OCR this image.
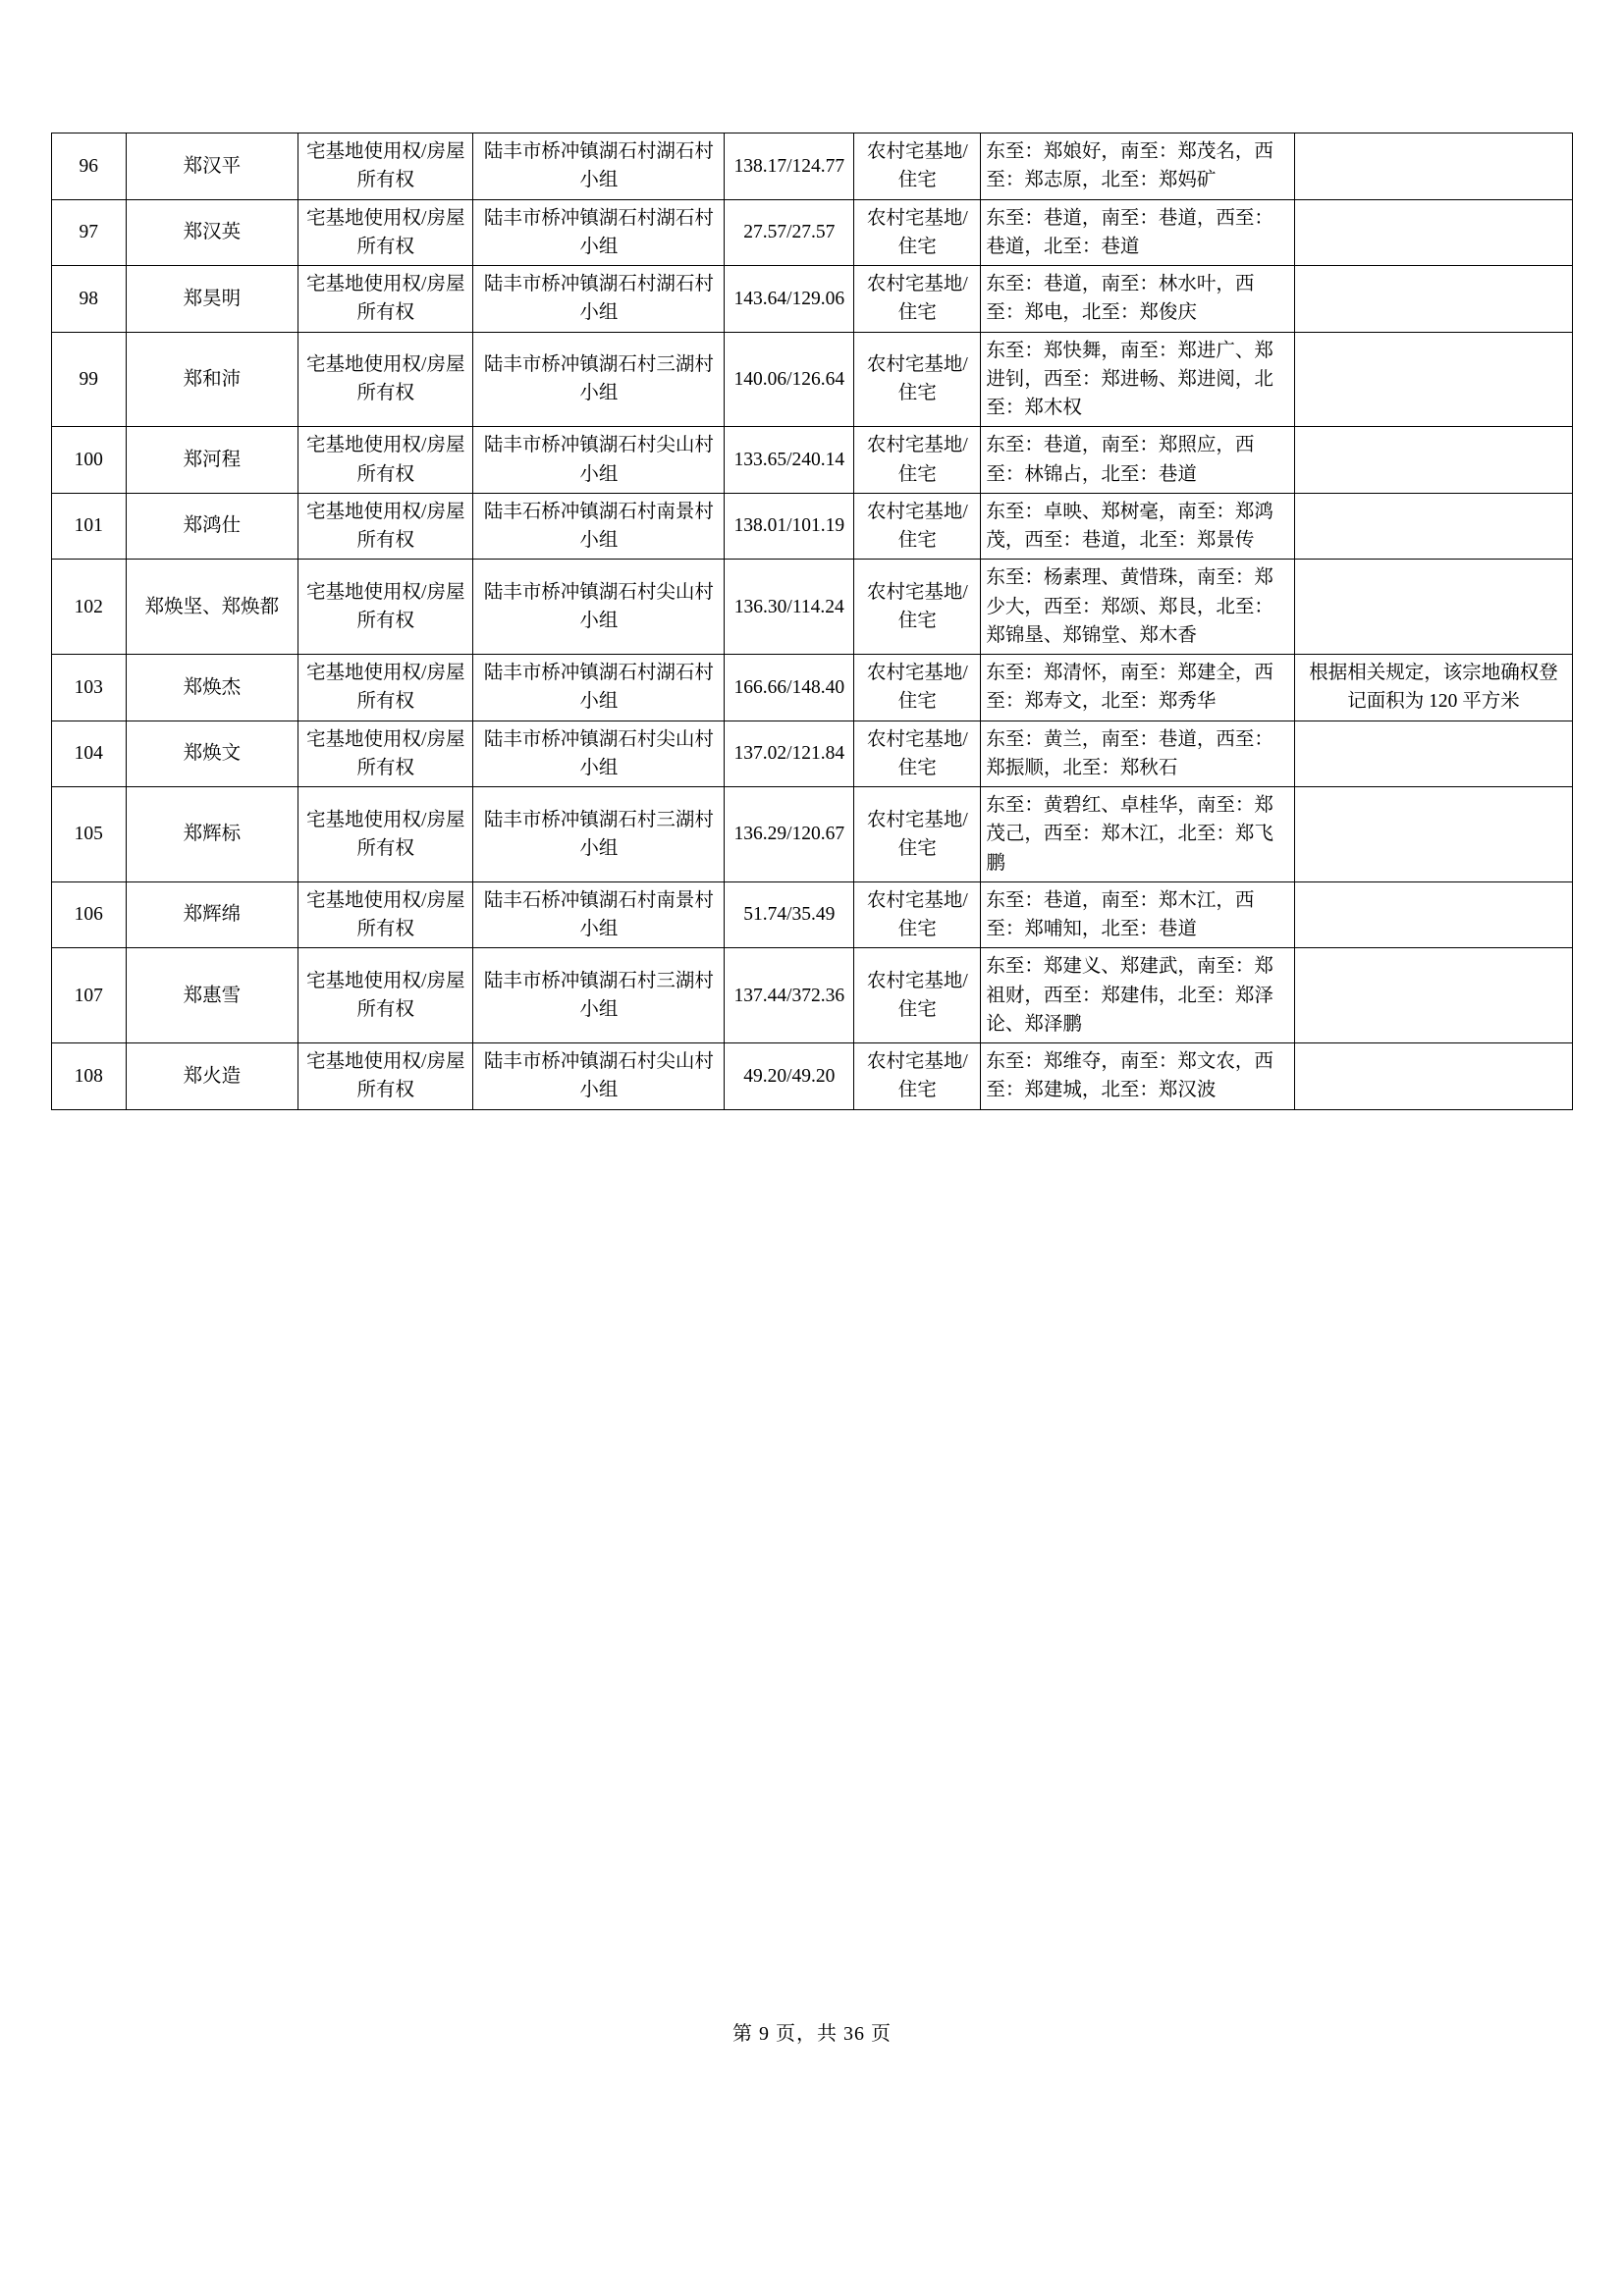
96	郑汉平	宅基地使用权/房屋所有权	陆丰市桥冲镇湖石村湖石村小组	138.17/124.77	农村宅基地/住宅	东至：郑娘好，南至：郑茂名，西至：郑志原，北至：郑妈矿	
97	郑汉英	宅基地使用权/房屋所有权	陆丰市桥冲镇湖石村湖石村小组	27.57/27.57	农村宅基地/住宅	东至：巷道，南至：巷道，西至：巷道，北至：巷道	
98	郑昊明	宅基地使用权/房屋所有权	陆丰市桥冲镇湖石村湖石村小组	143.64/129.06	农村宅基地/住宅	东至：巷道，南至：林水叶，西至：郑电，北至：郑俊庆	
99	郑和沛	宅基地使用权/房屋所有权	陆丰市桥冲镇湖石村三湖村小组	140.06/126.64	农村宅基地/住宅	东至：郑快舞，南至：郑进广、郑进钊，西至：郑进畅、郑进阅，北至：郑木权	
100	郑河程	宅基地使用权/房屋所有权	陆丰市桥冲镇湖石村尖山村小组	133.65/240.14	农村宅基地/住宅	东至：巷道，南至：郑照应，西至：林锦占，北至：巷道	
101	郑鸿仕	宅基地使用权/房屋所有权	陆丰石桥冲镇湖石村南景村小组	138.01/101.19	农村宅基地/住宅	东至：卓映、郑树毫，南至：郑鸿茂，西至：巷道，北至：郑景传	
102	郑焕坚、郑焕都	宅基地使用权/房屋所有权	陆丰市桥冲镇湖石村尖山村小组	136.30/114.24	农村宅基地/住宅	东至：杨素理、黄惜珠，南至：郑少大，西至：郑颂、郑艮，北至：郑锦垦、郑锦堂、郑木香	
103	郑焕杰	宅基地使用权/房屋所有权	陆丰市桥冲镇湖石村湖石村小组	166.66/148.40	农村宅基地/住宅	东至：郑清怀，南至：郑建全，西至：郑寿文，北至：郑秀华	根据相关规定，该宗地确权登记面积为 120 平方米
104	郑焕文	宅基地使用权/房屋所有权	陆丰市桥冲镇湖石村尖山村小组	137.02/121.84	农村宅基地/住宅	东至：黄兰，南至：巷道，西至：郑振顺，北至：郑秋石	
105	郑辉标	宅基地使用权/房屋所有权	陆丰市桥冲镇湖石村三湖村小组	136.29/120.67	农村宅基地/住宅	东至：黄碧红、卓桂华，南至：郑茂己，西至：郑木江，北至：郑飞鹏	
106	郑辉绵	宅基地使用权/房屋所有权	陆丰石桥冲镇湖石村南景村小组	51.74/35.49	农村宅基地/住宅	东至：巷道，南至：郑木江，西至：郑哺知，北至：巷道	
107	郑惠雪	宅基地使用权/房屋所有权	陆丰市桥冲镇湖石村三湖村小组	137.44/372.36	农村宅基地/住宅	东至：郑建义、郑建武，南至：郑祖财，西至：郑建伟，北至：郑泽论、郑泽鹏	
108	郑火造	宅基地使用权/房屋所有权	陆丰市桥冲镇湖石村尖山村小组	49.20/49.20	农村宅基地/住宅	东至：郑维夺，南至：郑文农，西至：郑建城，北至：郑汉波	
第 9 页，共 36 页
